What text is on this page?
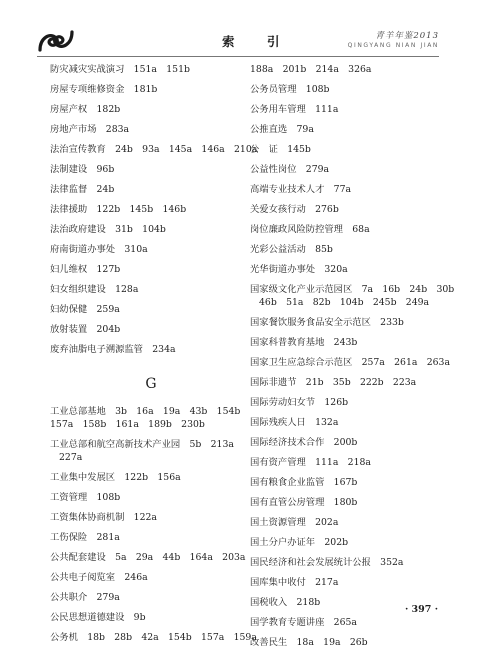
索　引	青羊年鉴2013
QINGYANG NIAN JIAN
防灾减灾实战演习　151a　151b
房屋专项维修资金　181b
房屋产权　182b
房地产市场　283a
法治宣传教育　24b　93a　145a　146a　210a
法制建设　96b
法律监督　24b
法律援助　122b　145b　146b
法治政府建设　31b　104b
府南街道办事处　310a
妇儿维权　127b
妇女组织建设　128a
妇幼保健　259a
放射装置　204b
废弃油脂电子溯源监管　234a
G
工业总部基地　3b　16a　19a　43b　154b
157a　158b　161a　189b　230b
工业总部和航空高新技术产业园　5b　213a
227a
工业集中发展区　122b　156a
工资管理　108b
工资集体协商机制　122a
工伤保险　281a
公共配套建设　5a　29a　44b　164a　203a
公共电子阅览室　246a
公共职介　279a
公民思想道德建设　9b
公务机　18b　28b　42a　154b　157a　159a
188a　201b　214a　326a
公务员管理　108b
公务用车管理　111a
公推直选　79a
公　证　145b
公益性岗位　279a
高端专业技术人才　77a
关爱女孩行动　276b
岗位廉政风险防控管理　68a
光彩公益活动　85b
光华街道办事处　320a
国家级文化产业示范园区　7a　16b　24b　30b
46b　51a　82b　104b　245b　249a
国家餐饮服务食品安全示范区　233b
国家科普教育基地　243b
国家卫生应急综合示范区　257a　261a　263a
国际非遗节　21b　35b　222b　223a
国际劳动妇女节　126b
国际残疾人日　132a
国际经济技术合作　200b
国有资产管理　111a　218a
国有粮食企业监管　167b
国有直管公房管理　180b
国土资源管理　202a
国土分户办证年　202b
国民经济和社会发展统计公报　352a
国库集中收付　217a
国税收入　218b
国学教育专题讲座　265a
改善民生　18a　19a　26b
· 397 ·
